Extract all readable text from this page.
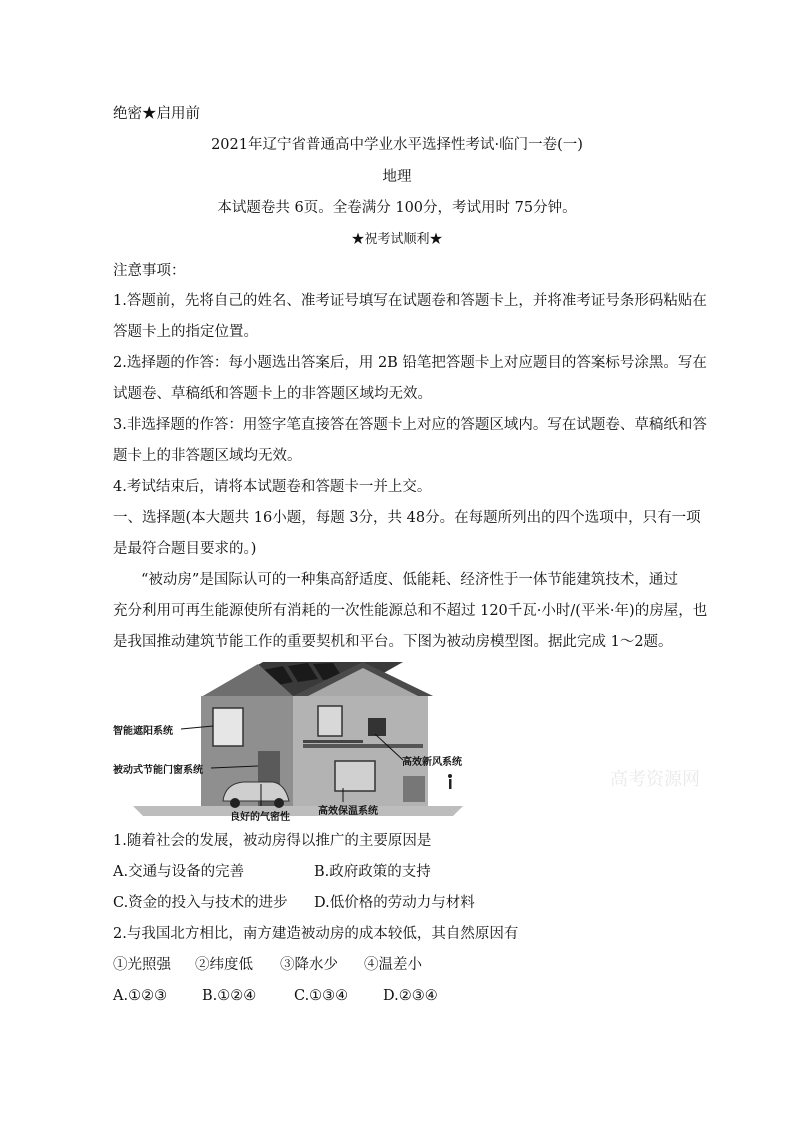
绝密★启用前
2021年辽宁省普通高中学业水平选择性考试·临门一卷(一)
地理
本试题卷共 6页。全卷满分 100分，考试用时 75分钟。
★祝考试顺利★
注意事项：
1.答题前，先将自己的姓名、准考证号填写在试题卷和答题卡上，并将准考证号条形码粘贴在
答题卡上的指定位置。
2.选择题的作答：每小题选出答案后，用 2B 铅笔把答题卡上对应题目的答案标号涂黑。写在
试题卷、草稿纸和答题卡上的非答题区域均无效。
3.非选择题的作答：用签字笔直接答在答题卡上对应的答题区域内。写在试题卷、草稿纸和答
题卡上的非答题区域均无效。
4.考试结束后，请将本试题卷和答题卡一并上交。
一、选择题(本大题共 16小题，每题 3分，共 48分。在每题所列出的四个选项中，只有一项
是最符合题目要求的。)
“被动房”是国际认可的一种集高舒适度、低能耗、经济性于一体节能建筑技术，通过
充分利用可再生能源使所有消耗的一次性能源总和不超过 120千瓦·小时/(平米·年)的房屋，也
是我国推动建筑节能工作的重要契机和平台。下图为被动房模型图。据此完成 1～2题。
智能遮阳系统
被动式节能门窗系统
良好的气密性
高效保温系统
高效新风系统
高考资源网
1.随着社会的发展，被动房得以推广的主要原因是
A.交通与设备的完善	B.政府政策的支持
C.资金的投入与技术的进步 D.低价格的劳动力与材料
2.与我国北方相比，南方建造被动房的成本较低，其自然原因有
①光照强 ②纬度低 ③降水少 ④温差小
A.①②③ B.①②④	C.①③④ D.②③④
